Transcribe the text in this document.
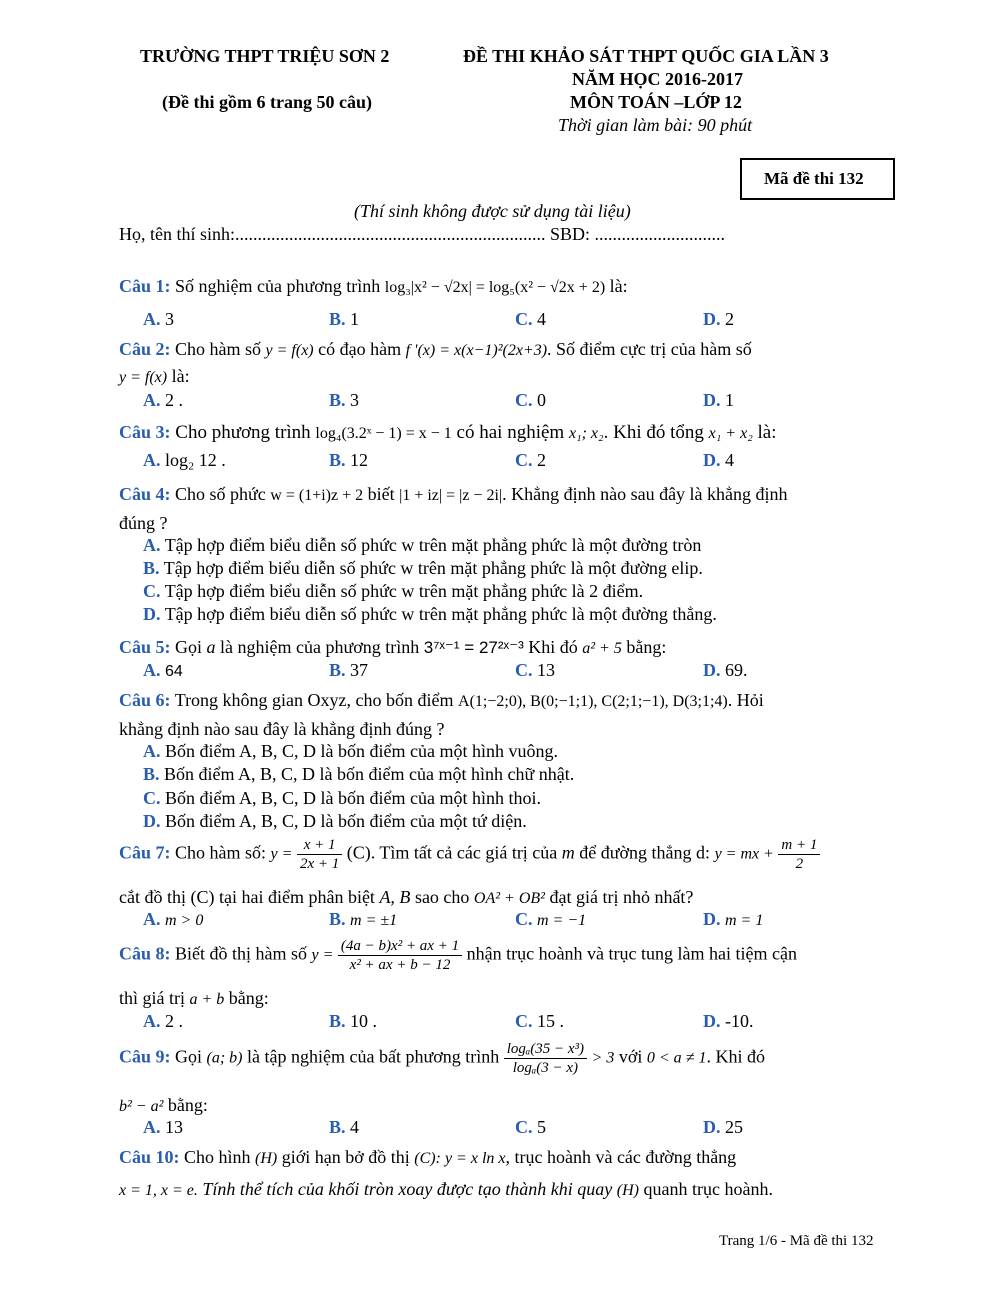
TRƯỜNG THPT TRIỆU SƠN 2	ĐỀ THI KHẢO SÁT THPT QUỐC GIA LẦN 3
NĂM HỌC 2016-2017
(Đề thi gồm 6 trang 50 câu)	MÔN TOÁN –LỚP 12
Thời gian làm bài: 90 phút
Mã đề thi 132
(Thí sinh không được sử dụng tài liệu)
Họ, tên thí sinh:..................................................................... SBD: .............................
Câu 1: Số nghiệm của phương trình log₃|x² − √2x| = log₅(x² − √2x + 2) là:
A. 3	B. 1	C. 4	D. 2
Câu 2: Cho hàm số y = f(x) có đạo hàm f '(x) = x(x−1)²(2x+3). Số điểm cực trị của hàm số
y = f(x) là:
A. 2 .	B. 3	C. 0	D. 1
Câu 3: Cho phương trình log₄(3.2ˣ − 1) = x − 1 có hai nghiệm x₁; x₂. Khi đó tổng x₁ + x₂ là:
A. log₂ 12 .	B. 12	C. 2	D. 4
Câu 4: Cho số phức w = (1+i)z + 2 biết |1 + iz| = |z − 2i|. Khẳng định nào sau đây là khẳng định
đúng ?
A. Tập hợp điểm biểu diễn số phức w trên mặt phẳng phức là một đường tròn
B. Tập hợp điểm biểu diễn số phức w trên mặt phẳng phức là một đường elip.
C. Tập hợp điểm biểu diễn số phức w trên mặt phẳng phức là 2 điểm.
D. Tập hợp điểm biểu diễn số phức w trên mặt phẳng phức là một đường thẳng.
Câu 5: Gọi a là nghiệm của phương trình 3⁷ˣ⁻¹ = 27²ˣ⁻³ Khi đó a² + 5 bằng:
A. 64	B. 37	C. 13	D. 69.
Câu 6: Trong không gian Oxyz, cho bốn điểm A(1;−2;0), B(0;−1;1), C(2;1;−1), D(3;1;4). Hỏi
khẳng định nào sau đây là khẳng định đúng ?
A. Bốn điểm A, B, C, D là bốn điểm của một hình vuông.
B. Bốn điểm A, B, C, D là bốn điểm của một hình chữ nhật.
C. Bốn điểm A, B, C, D là bốn điểm của một hình thoi.
D. Bốn điểm A, B, C, D là bốn điểm của một tứ diện.
Câu 7: Cho hàm số: $y = \frac{x + 1}{2x + 1} (C)$. Tìm tất cả các giá trị của m để đường thẳng d: y = mx + $\frac{m + 1}{2}$
cắt đồ thị (C) tại hai điểm phân biệt A, B sao cho OA² + OB² đạt giá trị nhỏ nhất?
A. m > 0	B. m = ±1	C. m = −1	D. m = 1
Câu 8: Biết đồ thị hàm số $y = \frac{\text{(4a − b)x² + ax + 1}}{\text{x² + ax + b − 12}}$ nhận trục hoành và trục tung làm hai tiệm cận
thì giá trị a + b bằng:
A. 2 .	B. 10 .	C. 15 .	D. -10.
Câu 9: Gọi (a; b) là tập nghiệm của bất phương trình $\frac{\text{logₐ(35 − x³)}}{\text{logₐ(3 − x)}} > 3$ với 0 < a ≠ 1. Khi đó
b² − a² bằng:
A. 13	B. 4	C. 5	D. 25
Câu 10: Cho hình (H) giới hạn bở đồ thị (C): y = x ln x, trục hoành và các đường thẳng
x = 1, x = e. Tính thể tích của khối tròn xoay được tạo thành khi quay (H) quanh trục hoành.
Trang 1/6 - Mã đề thi 132
